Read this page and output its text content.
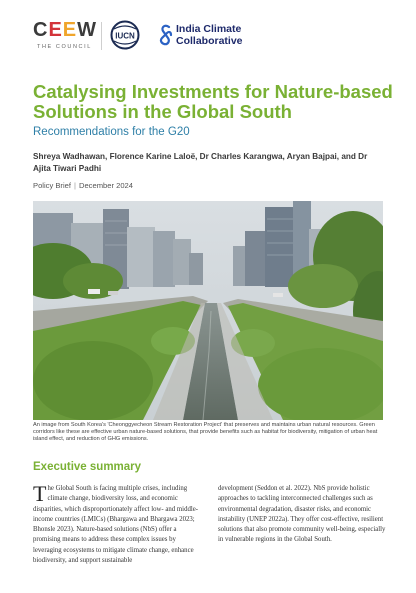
CEEW
THE COUNCIL
IUCN
India Climate
Collaborative
Catalysing Investments for Nature-based Solutions in the Global South
Recommendations for the G20
Shreya Wadhawan, Florence Karine Laloë, Dr Charles Karangwa, Aryan Bajpai, and Dr Ajita Tiwari Padhi
Policy Brief | December 2024
An image from South Korea's 'Cheonggyecheon Stream Restoration Project' that preserves and maintains urban natural resources. Green corridors like these are effective urban nature-based solutions, that provide benefits such as habitat for biodiversity, mitigation of urban heat island effect, and reduction of GHG emissions.
Executive summary
The Global South is facing multiple crises, including climate change, biodiversity loss, and economic disparities, which disproportionately affect low- and middle-income countries (LMICs) (Bhargawa and Bhargawa 2023; Bhonsle 2023). Nature-based solutions (NbS) offer a promising means to address these complex issues by leveraging ecosystems to mitigate climate change, enhance biodiversity, and support sustainable
development (Seddon et al. 2022). NbS provide holistic approaches to tackling interconnected challenges such as environmental degradation, disaster risks, and economic instability (UNEP 2022a). They offer cost-effective, resilient solutions that also promote community well-being, especially in vulnerable regions in the Global South.
